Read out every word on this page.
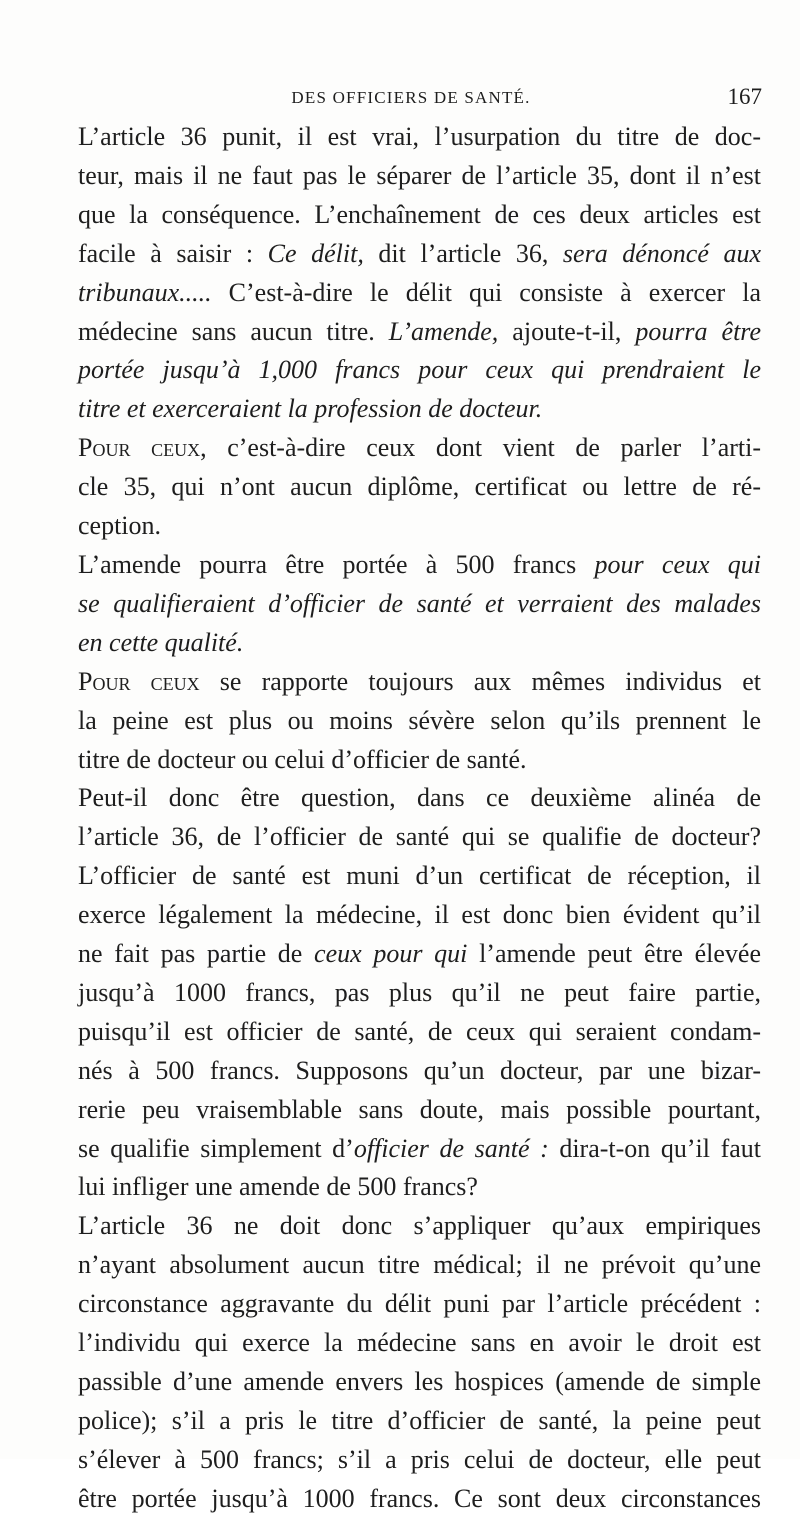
DES OFFICIERS DE SANTÉ.	167
L’article 36 punit, il est vrai, l’usurpation du titre de doc-
teur, mais il ne faut pas le séparer de l’article 35, dont il n’est
que la conséquence. L’enchaînement de ces deux articles est
facile à saisir : Ce délit, dit l’article 36, sera dénoncé aux
tribunaux..... C’est-à-dire le délit qui consiste à exercer la
médecine sans aucun titre. L’amende, ajoute-t-il, pourra être
portée jusqu’à 1,000 francs pour ceux qui prendraient le
titre et exerceraient la profession de docteur.
Pour ceux, c’est-à-dire ceux dont vient de parler l’arti-
cle 35, qui n’ont aucun diplôme, certificat ou lettre de ré-
ception.
L’amende pourra être portée à 500 francs pour ceux qui
se qualifieraient d’officier de santé et verraient des malades
en cette qualité.
Pour ceux se rapporte toujours aux mêmes individus et
la peine est plus ou moins sévère selon qu’ils prennent le
titre de docteur ou celui d’officier de santé.
Peut-il donc être question, dans ce deuxième alinéa de
l’article 36, de l’officier de santé qui se qualifie de docteur?
L’officier de santé est muni d’un certificat de réception, il
exerce légalement la médecine, il est donc bien évident qu’il
ne fait pas partie de ceux pour qui l’amende peut être élevée
jusqu’à 1000 francs, pas plus qu’il ne peut faire partie,
puisqu’il est officier de santé, de ceux qui seraient condam-
nés à 500 francs. Supposons qu’un docteur, par une bizar-
rerie peu vraisemblable sans doute, mais possible pourtant,
se qualifie simplement d’officier de santé : dira-t-on qu’il faut
lui infliger une amende de 500 francs?
L’article 36 ne doit donc s’appliquer qu’aux empiriques
n’ayant absolument aucun titre médical; il ne prévoit qu’une
circonstance aggravante du délit puni par l’article précédent :
l’individu qui exerce la médecine sans en avoir le droit est
passible d’une amende envers les hospices (amende de simple
police); s’il a pris le titre d’officier de santé, la peine peut
s’élever à 500 francs; s’il a pris celui de docteur, elle peut
être portée jusqu’à 1000 francs. Ce sont deux circonstances
